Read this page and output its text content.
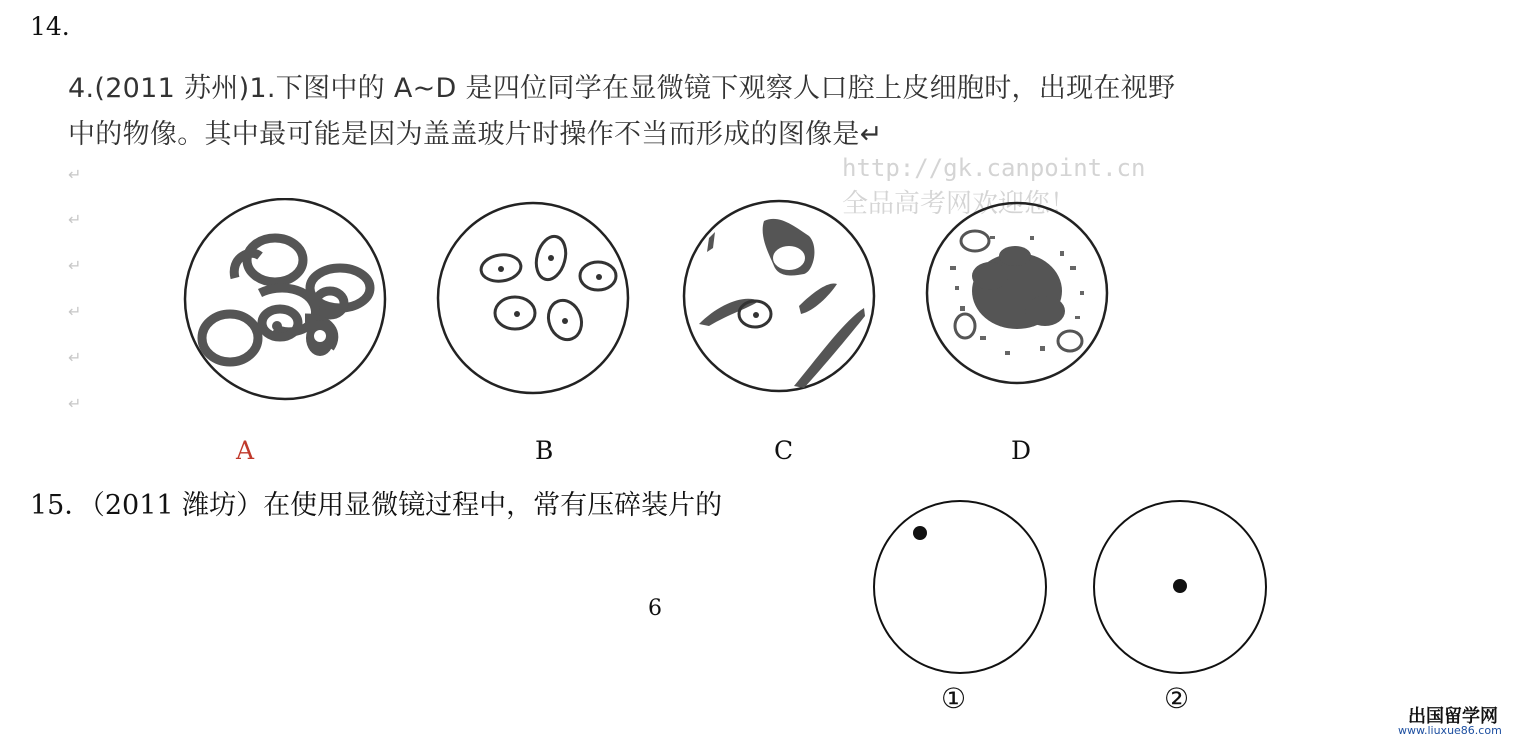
14.
4.(2011 苏州)1.下图中的 A~D 是四位同学在显微镜下观察人口腔上皮细胞时，出现在视野
中的物像。其中最可能是因为盖盖玻片时操作不当而形成的图像是↵
↵
↵
↵
↵
↵
↵
http://gk.canpoint.cn
全品高考网欢迎您！
A	B	C	D
15．（2011 潍坊）在使用显微镜过程中，常有压碎装片的
6
①	②
出国留学网
www.liuxue86.com
